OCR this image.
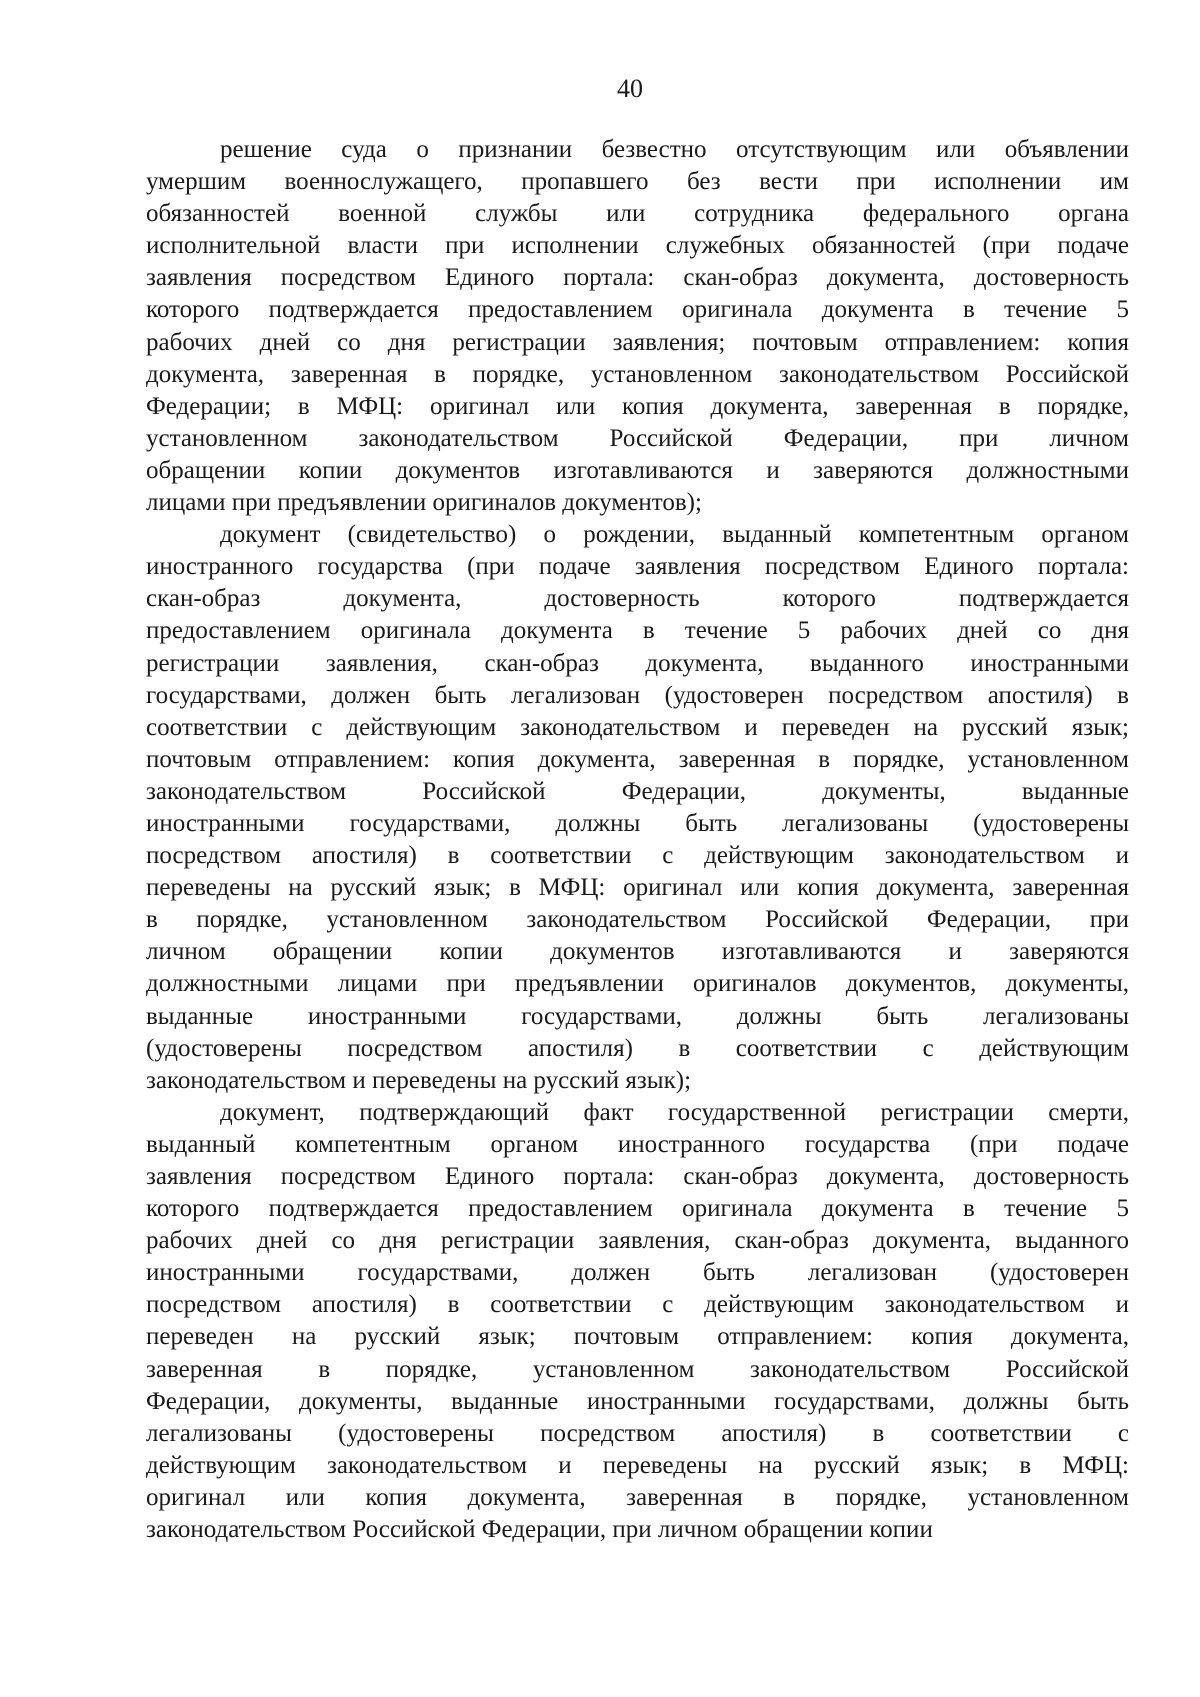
40
решение суда о признании безвестно отсутствующим или объявлении
умершим военнослужащего, пропавшего без вести при исполнении им
обязанностей военной службы или сотрудника федерального органа
исполнительной власти при исполнении служебных обязанностей (при подаче
заявления посредством Единого портала: скан-образ документа, достоверность
которого подтверждается предоставлением оригинала документа в течение 5
рабочих дней со дня регистрации заявления; почтовым отправлением: копия
документа, заверенная в порядке, установленном законодательством Российской
Федерации; в МФЦ: оригинал или копия документа, заверенная в порядке,
установленном законодательством Российской Федерации, при личном
обращении копии документов изготавливаются и заверяются должностными
лицами при предъявлении оригиналов документов);
документ (свидетельство) о рождении, выданный компетентным органом
иностранного государства (при подаче заявления посредством Единого портала:
скан-образ документа, достоверность которого подтверждается
предоставлением оригинала документа в течение 5 рабочих дней со дня
регистрации заявления, скан-образ документа, выданного иностранными
государствами, должен быть легализован (удостоверен посредством апостиля) в
соответствии с действующим законодательством и переведен на русский язык;
почтовым отправлением: копия документа, заверенная в порядке, установленном
законодательством Российской Федерации, документы, выданные
иностранными государствами, должны быть легализованы (удостоверены
посредством апостиля) в соответствии с действующим законодательством и
переведены на русский язык; в МФЦ: оригинал или копия документа, заверенная
в порядке, установленном законодательством Российской Федерации, при
личном обращении копии документов изготавливаются и заверяются
должностными лицами при предъявлении оригиналов документов, документы,
выданные иностранными государствами, должны быть легализованы
(удостоверены посредством апостиля) в соответствии с действующим
законодательством и переведены на русский язык);
документ, подтверждающий факт государственной регистрации смерти,
выданный компетентным органом иностранного государства (при подаче
заявления посредством Единого портала: скан-образ документа, достоверность
которого подтверждается предоставлением оригинала документа в течение 5
рабочих дней со дня регистрации заявления, скан-образ документа, выданного
иностранными государствами, должен быть легализован (удостоверен
посредством апостиля) в соответствии с действующим законодательством и
переведен на русский язык; почтовым отправлением: копия документа,
заверенная в порядке, установленном законодательством Российской
Федерации, документы, выданные иностранными государствами, должны быть
легализованы (удостоверены посредством апостиля) в соответствии с
действующим законодательством и переведены на русский язык; в МФЦ:
оригинал или копия документа, заверенная в порядке, установленном
законодательством Российской Федерации, при личном обращении копии
